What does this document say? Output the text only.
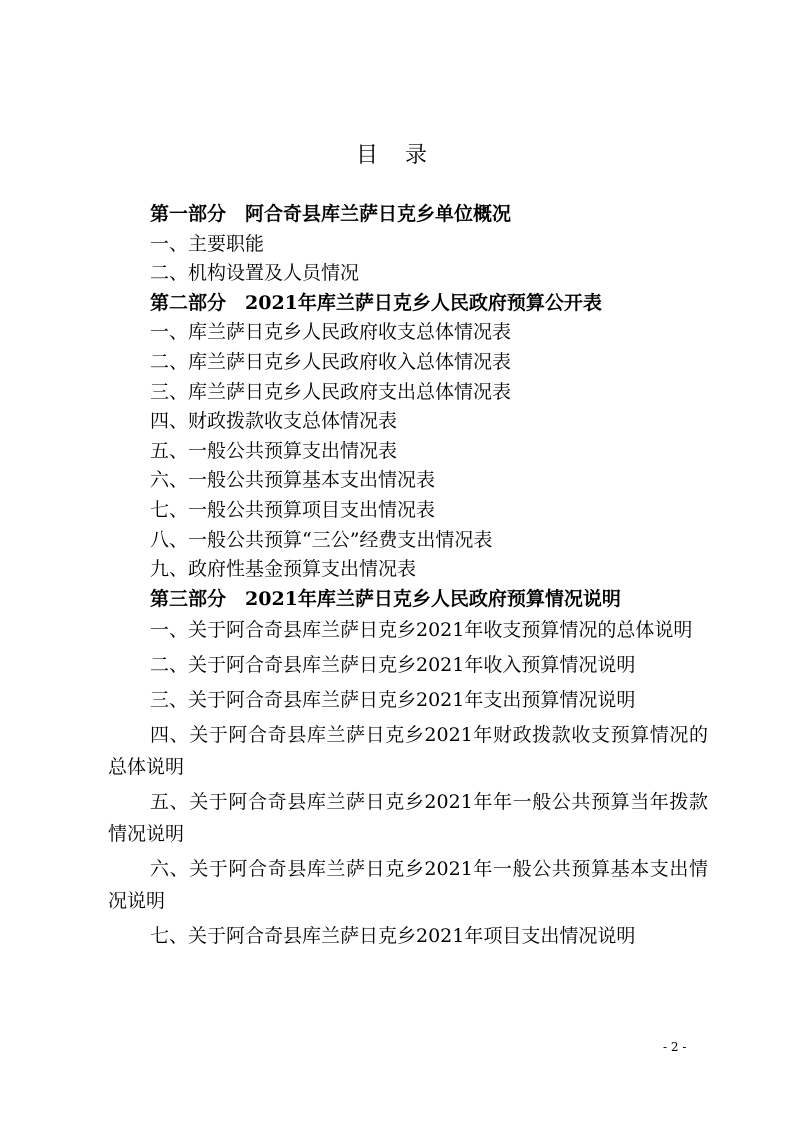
目 录
第一部分　阿合奇县库兰萨日克乡单位概况
一、主要职能
二、机构设置及人员情况
第二部分　2021年库兰萨日克乡人民政府预算公开表
一、库兰萨日克乡人民政府收支总体情况表
二、库兰萨日克乡人民政府收入总体情况表
三、库兰萨日克乡人民政府支出总体情况表
四、财政拨款收支总体情况表
五、一般公共预算支出情况表
六、一般公共预算基本支出情况表
七、一般公共预算项目支出情况表
八、一般公共预算“三公”经费支出情况表
九、政府性基金预算支出情况表
第三部分　2021年库兰萨日克乡人民政府预算情况说明

一、关于阿合奇县库兰萨日克乡2021年收支预算情况的总体说明

二、关于阿合奇县库兰萨日克乡2021年收入预算情况说明

三、关于阿合奇县库兰萨日克乡2021年支出预算情况说明

四、关于阿合奇县库兰萨日克乡2021年财政拨款收支预算情况的总体说明

五、关于阿合奇县库兰萨日克乡2021年年一般公共预算当年拨款情况说明

六、关于阿合奇县库兰萨日克乡2021年一般公共预算基本支出情况说明

七、关于阿合奇县库兰萨日克乡2021年项目支出情况说明

- 2 -
